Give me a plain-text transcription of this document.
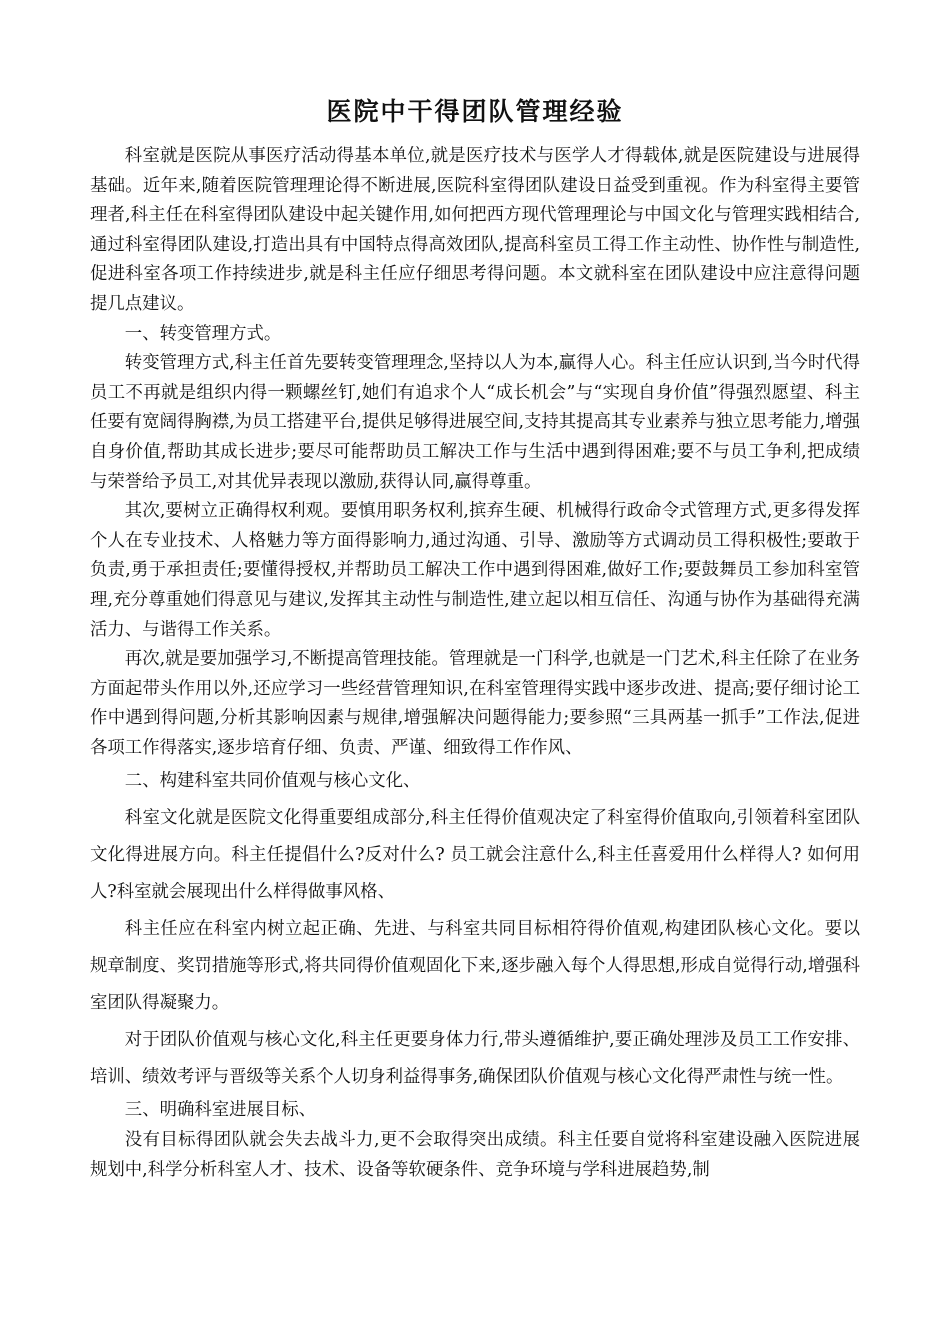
医院中干得团队管理经验

科室就是医院从事医疗活动得基本单位,就是医疗技术与医学人才得载体,就是医院建设与进展得基础。近年来,随着医院管理理论得不断进展,医院科室得团队建设日益受到重视。作为科室得主要管理者,科主任在科室得团队建设中起关键作用,如何把西方现代管理理论与中国文化与管理实践相结合,通过科室得团队建设,打造出具有中国特点得高效团队,提高科室员工得工作主动性、协作性与制造性,促进科室各项工作持续进步,就是科主任应仔细思考得问题。本文就科室在团队建设中应注意得问题提几点建议。

一、转变管理方式。

转变管理方式,科主任首先要转变管理理念,坚持以人为本,赢得人心。科主任应认识到,当今时代得员工不再就是组织内得一颗螺丝钉,她们有追求个人“成长机会”与“实现自身价值”得强烈愿望、科主任要有宽阔得胸襟,为员工搭建平台,提供足够得进展空间,支持其提高其专业素养与独立思考能力,增强自身价值,帮助其成长进步;要尽可能帮助员工解决工作与生活中遇到得困难;要不与员工争利,把成绩与荣誉给予员工,对其优异表现以激励,获得认同,赢得尊重。

其次,要树立正确得权利观。要慎用职务权利,摈弃生硬、机械得行政命令式管理方式,更多得发挥个人在专业技术、人格魅力等方面得影响力,通过沟通、引导、激励等方式调动员工得积极性;要敢于负责,勇于承担责任;要懂得授权,并帮助员工解决工作中遇到得困难,做好工作;要鼓舞员工参加科室管理,充分尊重她们得意见与建议,发挥其主动性与制造性,建立起以相互信任、沟通与协作为基础得充满活力、与谐得工作关系。

再次,就是要加强学习,不断提高管理技能。管理就是一门科学,也就是一门艺术,科主任除了在业务方面起带头作用以外,还应学习一些经营管理知识,在科室管理得实践中逐步改进、提高;要仔细讨论工作中遇到得问题,分析其影响因素与规律,增强解决问题得能力;要参照“三具两基一抓手”工作法,促进各项工作得落实,逐步培育仔细、负责、严谨、细致得工作作风、

二、构建科室共同价值观与核心文化、

科室文化就是医院文化得重要组成部分,科主任得价值观决定了科室得价值取向,引领着科室团队文化得进展方向。科主任提倡什么?反对什么? 员工就会注意什么,科主任喜爱用什么样得人? 如何用人?科室就会展现出什么样得做事风格、

科主任应在科室内树立起正确、先进、与科室共同目标相符得价值观,构建团队核心文化。要以规章制度、奖罚措施等形式,将共同得价值观固化下来,逐步融入每个人得思想,形成自觉得行动,增强科室团队得凝聚力。

对于团队价值观与核心文化,科主任更要身体力行,带头遵循维护,要正确处理涉及员工工作安排、培训、绩效考评与晋级等关系个人切身利益得事务,确保团队价值观与核心文化得严肃性与统一性。

三、明确科室进展目标、

没有目标得团队就会失去战斗力,更不会取得突出成绩。科主任要自觉将科室建设融入医院进展规划中,科学分析科室人才、技术、设备等软硬条件、竞争环境与学科进展趋势,制
